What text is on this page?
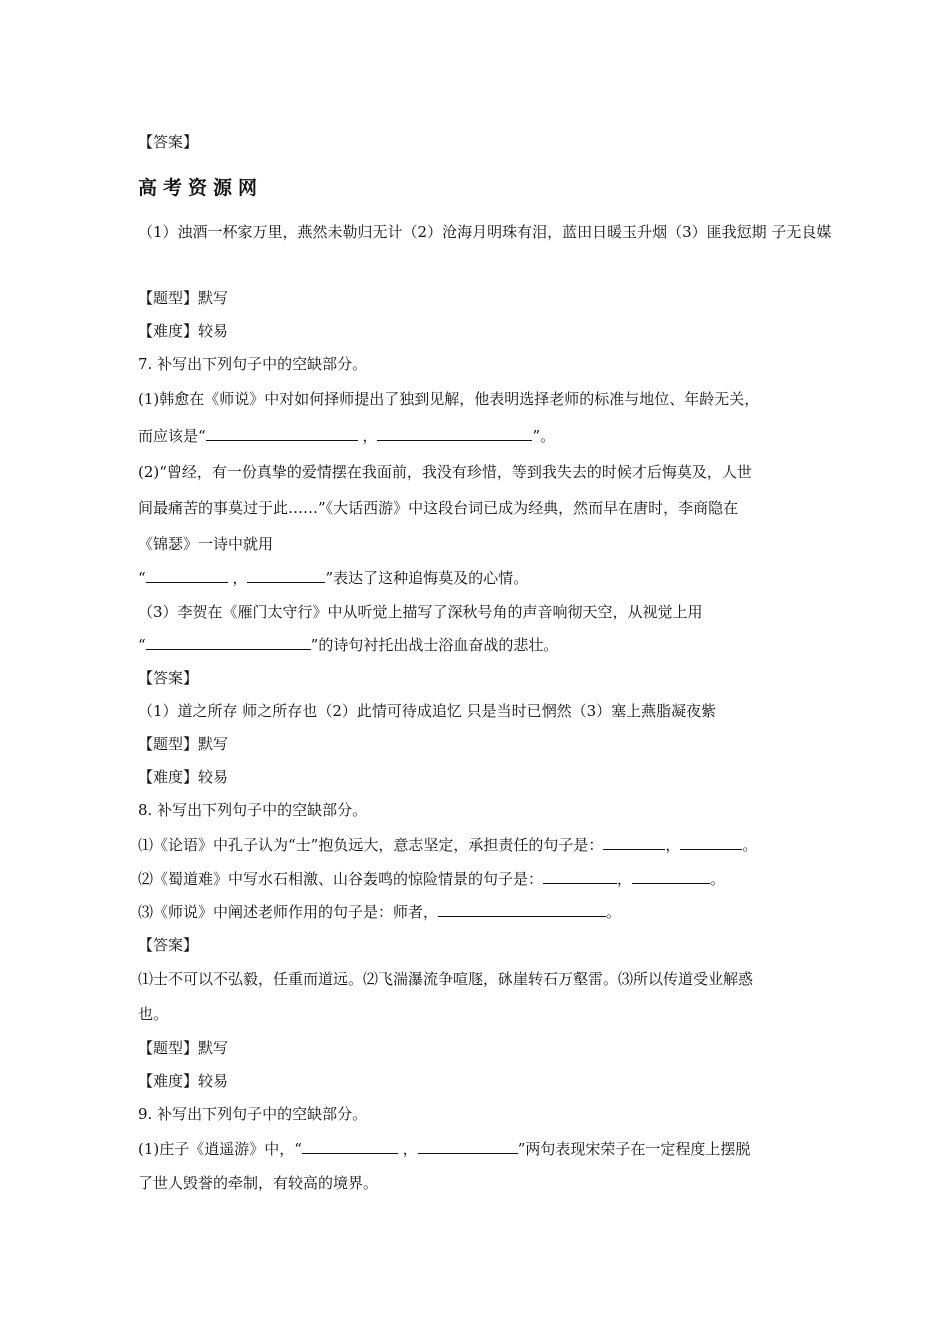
【答案】
高考资源网
（1）浊酒一杯家万里，燕然未勒归无计（2）沧海月明珠有泪，蓝田日暖玉升烟（3）匪我愆期 子无良媒
【题型】默写
【难度】较易
7. 补写出下列句子中的空缺部分。
(1)韩愈在《师说》中对如何择师提出了独到见解，他表明选择老师的标准与地位、年龄无关，
而应该是“	，	”。
(2)“曾经，有一份真挚的爱情摆在我面前，我没有珍惜，等到我失去的时候才后悔莫及，人世
间最痛苦的事莫过于此……”《大话西游》中这段台词已成为经典，然而早在唐时，李商隐在
《锦瑟》一诗中就用
“	，	”表达了这种追悔莫及的心情。
（3）李贺在《雁门太守行》中从听觉上描写了深秋号角的声音响彻天空，从视觉上用
“	”的诗句衬托出战士浴血奋战的悲壮。
【答案】
（1）道之所存 师之所存也（2）此情可待成追忆 只是当时已惘然（3）塞上燕脂凝夜紫
【题型】默写
【难度】较易
8. 补写出下列句子中的空缺部分。
⑴《论语》中孔子认为“士”抱负远大，意志坚定，承担责任的句子是：	，	。
⑵《蜀道难》中写水石相激、山谷轰鸣的惊险情景的句子是：	，	。
⑶《师说》中阐述老师作用的句子是：师者，	。
【答案】
⑴士不可以不弘毅，任重而道远。⑵飞湍瀑流争喧豗，砯崖转石万壑雷。⑶所以传道受业解惑
也。
【题型】默写
【难度】较易
9. 补写出下列句子中的空缺部分。
(1)庄子《逍遥游》中，“	，	”两句表现宋荣子在一定程度上摆脱
了世人毁誉的牵制，有较高的境界。
